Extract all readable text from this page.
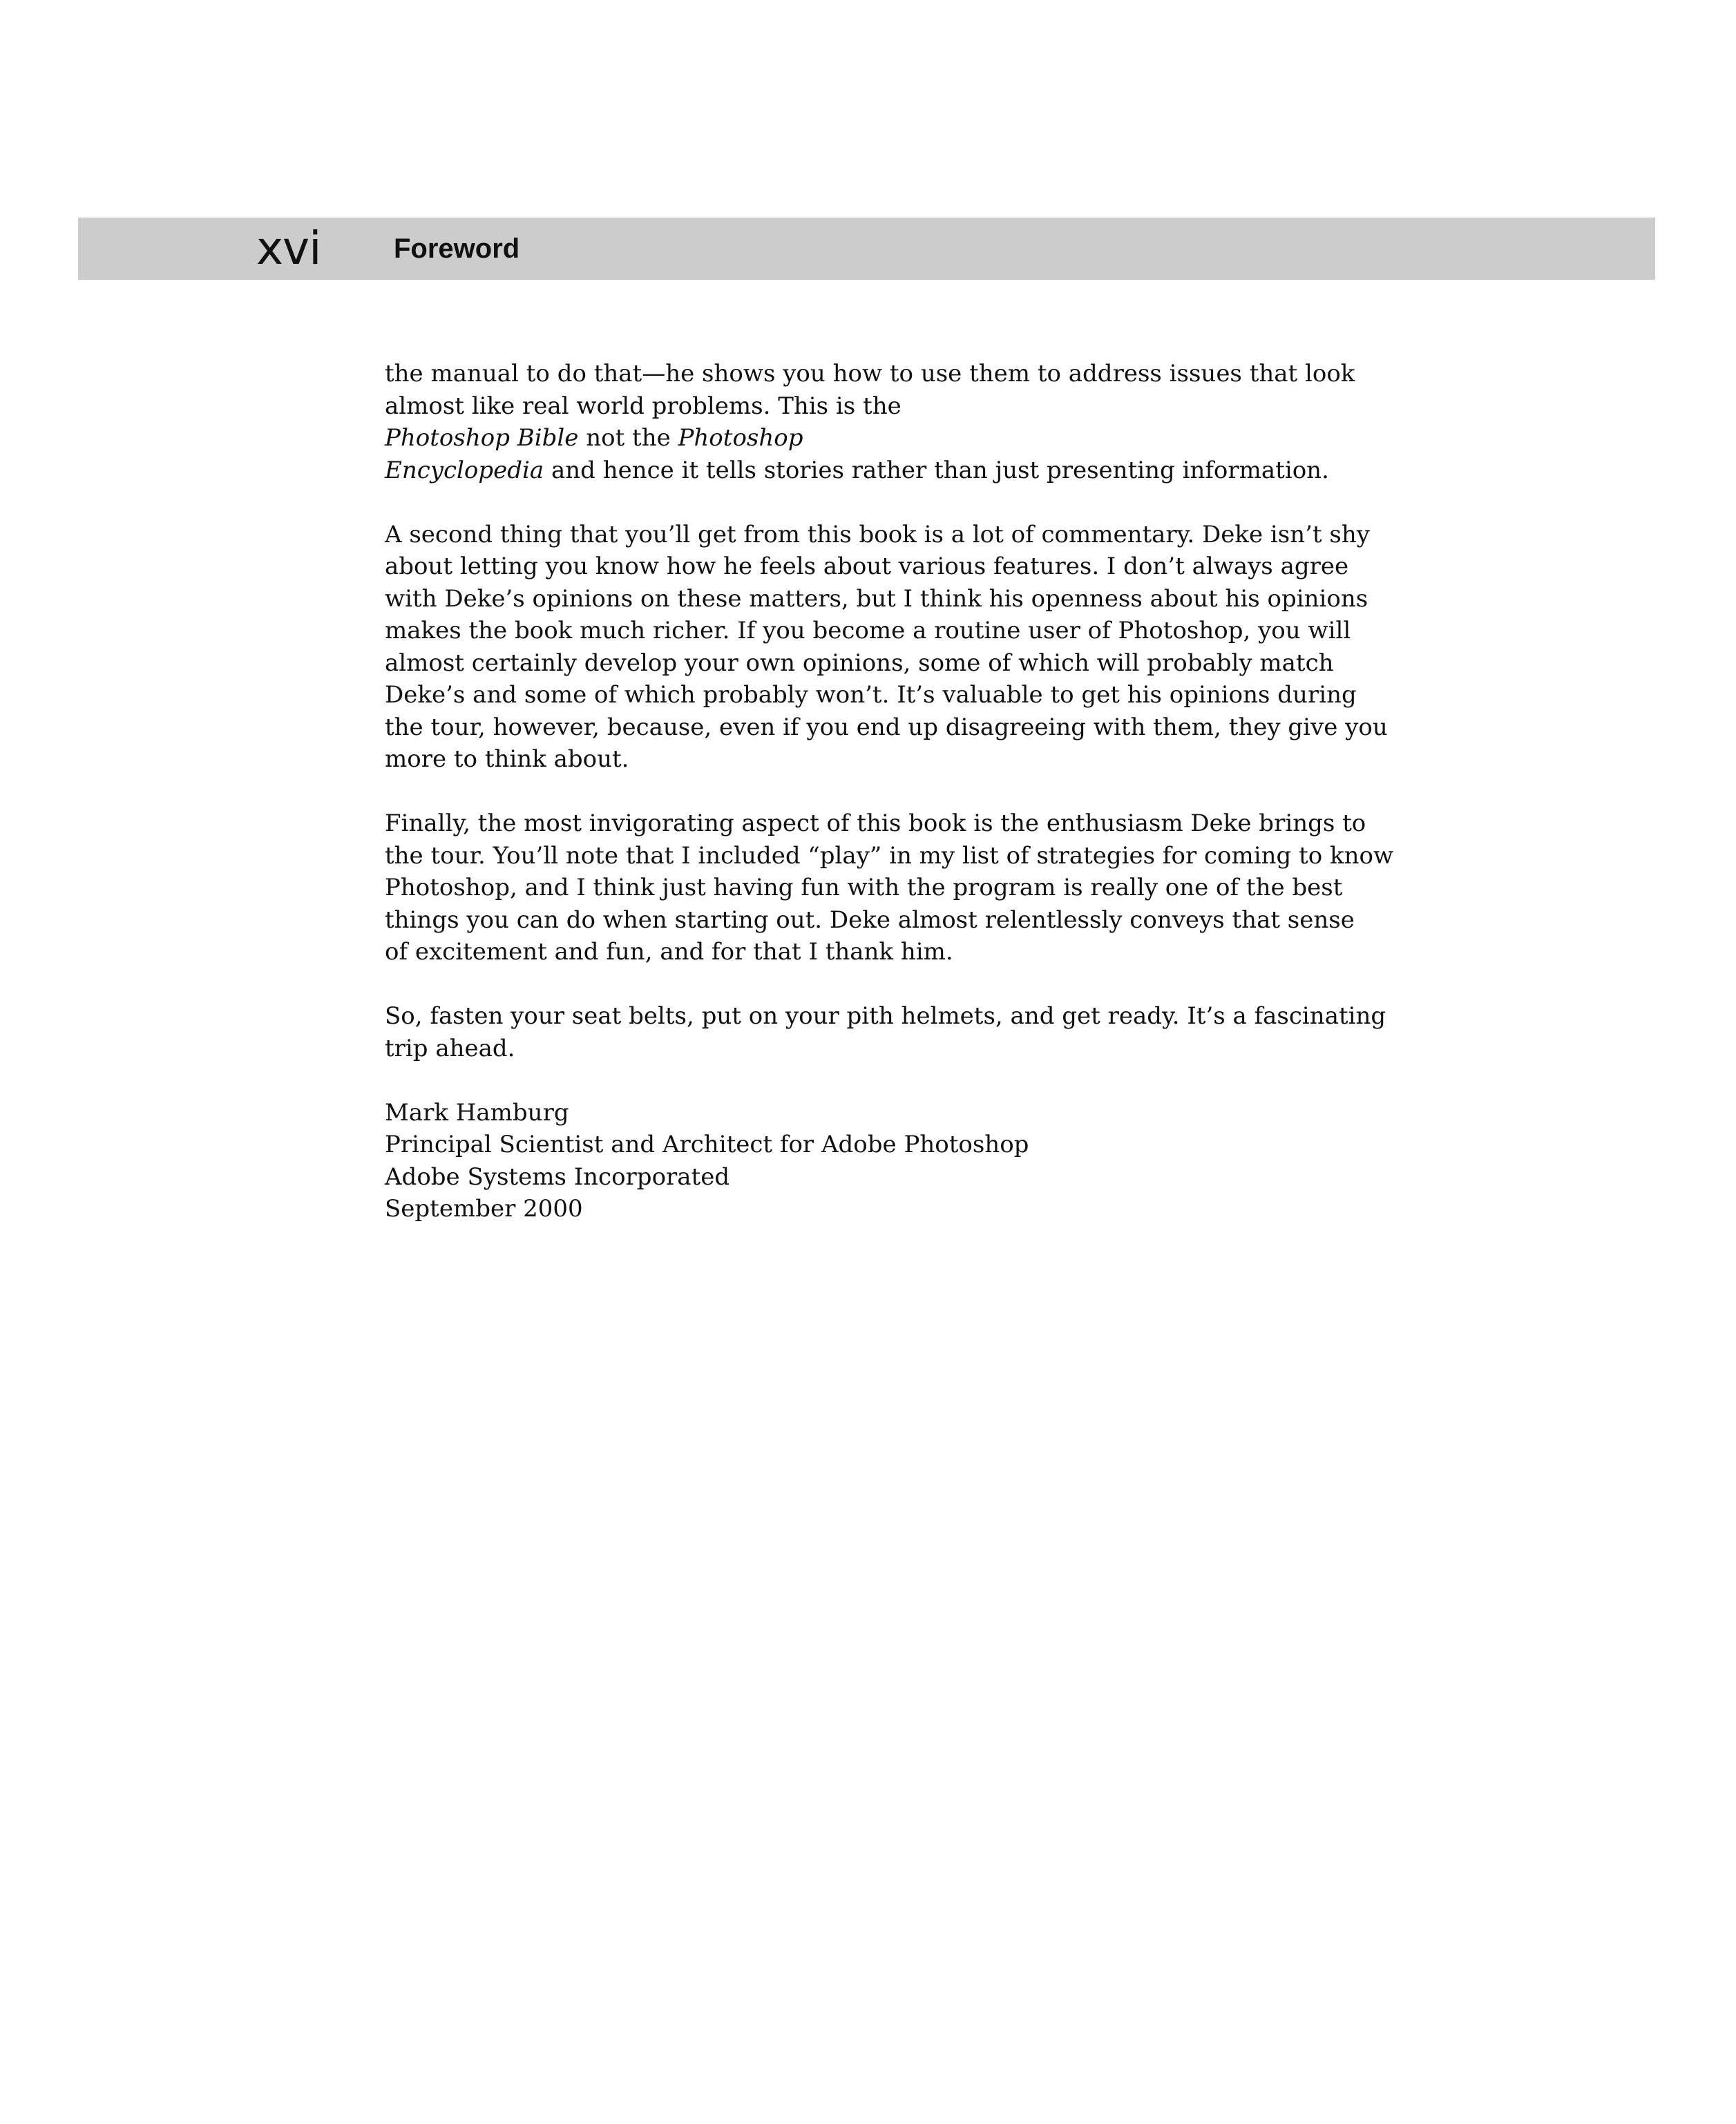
xvi	Foreword

the manual to do that—he shows you how to use them to address issues that look
almost like real world problems. This is the
Photoshop Bible not the Photoshop
Encyclopedia and hence it tells stories rather than just presenting information.

A second thing that you’ll get from this book is a lot of commentary. Deke isn’t shy
about letting you know how he feels about various features. I don’t always agree
with Deke’s opinions on these matters, but I think his openness about his opinions
makes the book much richer. If you become a routine user of Photoshop, you will
almost certainly develop your own opinions, some of which will probably match
Deke’s and some of which probably won’t. It’s valuable to get his opinions during
the tour, however, because, even if you end up disagreeing with them, they give you
more to think about.

Finally, the most invigorating aspect of this book is the enthusiasm Deke brings to
the tour. You’ll note that I included “play” in my list of strategies for coming to know
Photoshop, and I think just having fun with the program is really one of the best
things you can do when starting out. Deke almost relentlessly conveys that sense
of excitement and fun, and for that I thank him.

So, fasten your seat belts, put on your pith helmets, and get ready. It’s a fascinating
trip ahead.

Mark Hamburg
Principal Scientist and Architect for Adobe Photoshop
Adobe Systems Incorporated
September 2000
